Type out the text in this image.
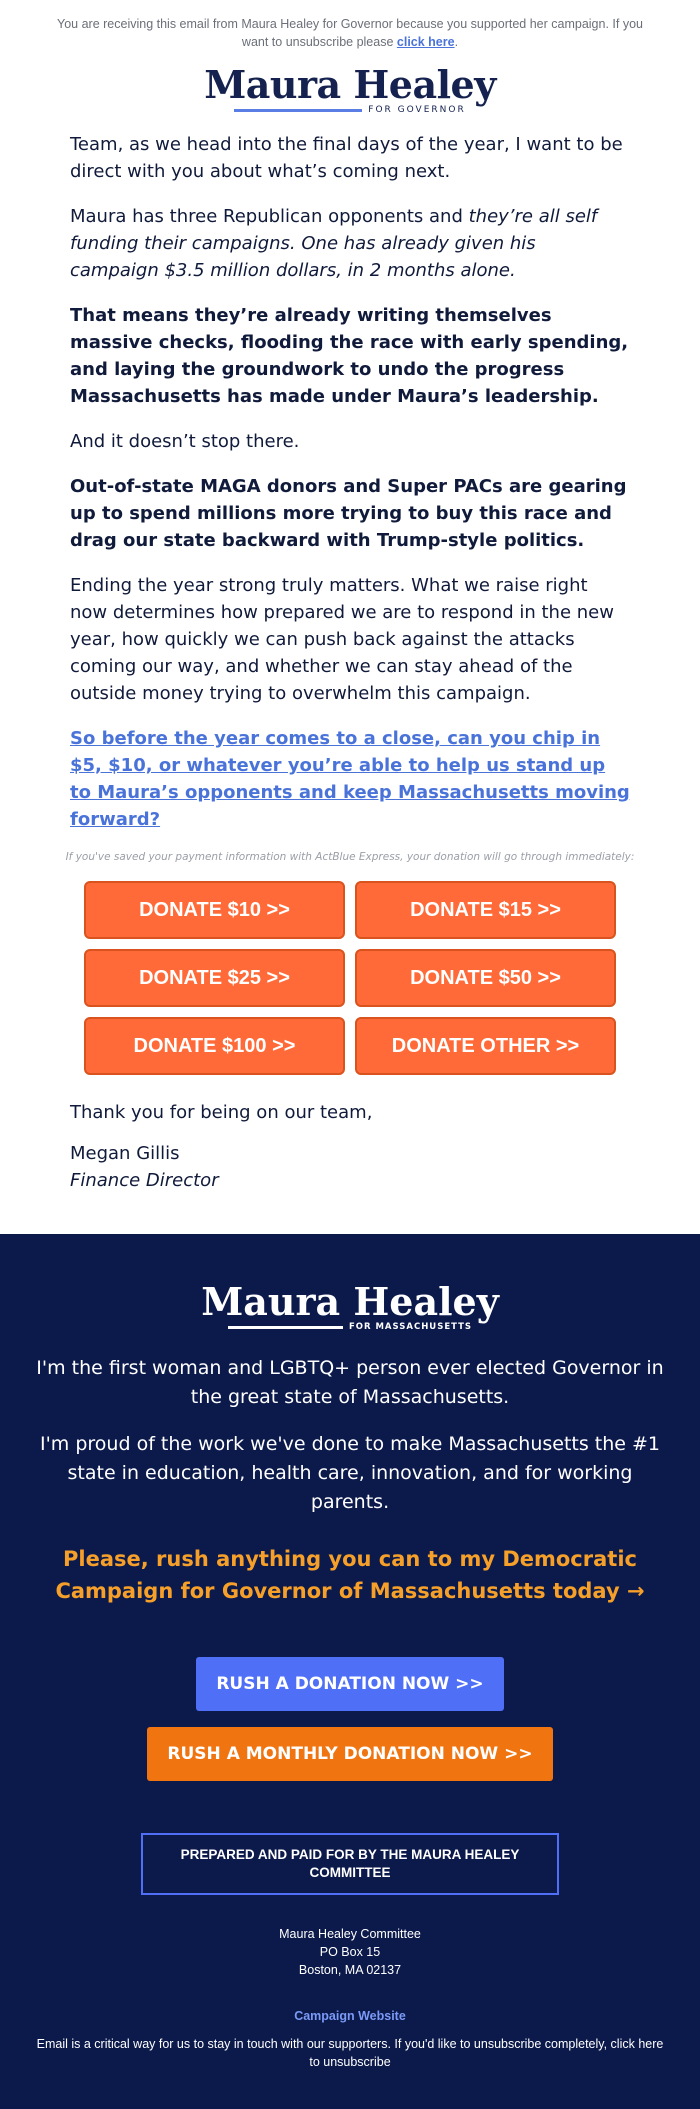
You are receiving this email from Maura Healey for Governor because you supported her campaign. If you want to unsubscribe please click here.
Maura Healey
FOR GOVERNOR

Team, as we head into the final days of the year, I want to be direct with you about what’s coming next.

Maura has three Republican opponents and they’re all self funding their campaigns. One has already given his campaign $3.5 million dollars, in 2 months alone.

That means they’re already writing themselves massive checks, flooding the race with early spending, and laying the groundwork to undo the progress Massachusetts has made under Maura’s leadership.

And it doesn’t stop there.

Out-of-state MAGA donors and Super PACs are gearing up to spend millions more trying to buy this race and drag our state backward with Trump-style politics.

Ending the year strong truly matters. What we raise right now determines how prepared we are to respond in the new year, how quickly we can push back against the attacks coming our way, and whether we can stay ahead of the outside money trying to overwhelm this campaign.

So before the year comes to a close, can you chip in $5, $10, or whatever you’re able to help us stand up to Maura’s opponents and keep Massachusetts moving forward?

If you've saved your payment information with ActBlue Express, your donation will go through immediately:
DONATE $10 >>	DONATE $15 >>
DONATE $25 >>	DONATE $50 >>
DONATE $100 >>	DONATE OTHER >>

Thank you for being on our team,

Megan Gillis
Finance Director
Maura Healey
FOR MASSACHUSETTS
I'm the first woman and LGBTQ+ person ever elected Governor in the great state of Massachusetts.
I'm proud of the work we've done to make Massachusetts the #1 state in education, health care, innovation, and for working parents.
Please, rush anything you can to my Democratic Campaign for Governor of Massachusetts today →
RUSH A DONATION NOW >>
RUSH A MONTHLY DONATION NOW >>
PREPARED AND PAID FOR BY THE MAURA HEALEY COMMITTEE
Maura Healey Committee
PO Box 15
Boston, MA 02137
Campaign Website
Email is a critical way for us to stay in touch with our supporters. If you'd like to unsubscribe completely, click here to unsubscribe
